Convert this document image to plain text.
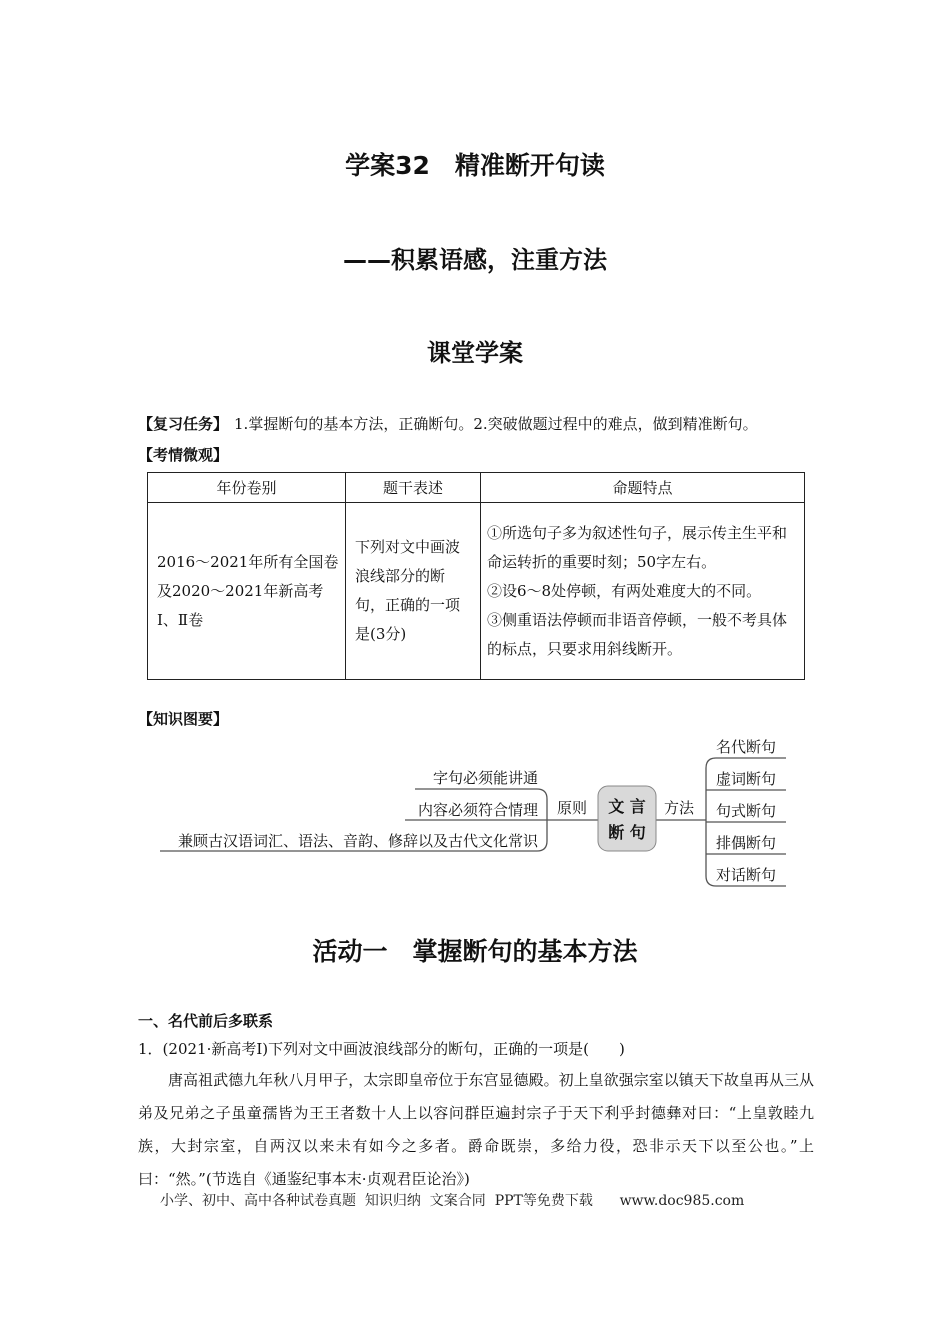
学案32　精准断开句读
——积累语感，注重方法
课堂学案
【复习任务】 1.掌握断句的基本方法，正确断句。2.突破做题过程中的难点，做到精准断句。
【考情微观】
年份卷别	题干表述	命题特点
2016～2021年所有全国卷及2020～2021年新高考Ⅰ、Ⅱ卷	下列对文中画波浪线部分的断句，正确的一项是(3分)	①所选句子多为叙述性句子，展示传主生平和命运转折的重要时刻；50字左右。
②设6～8处停顿，有两处难度大的不同。
③侧重语法停顿而非语音停顿，一般不考具体的标点，只要求用斜线断开。
【知识图要】
文 言
断 句
原则	方法
字句必须能讲通
内容必须符合情理
兼顾古汉语词汇、语法、音韵、修辞以及古代文化常识
名代断句
虚词断句
句式断句
排偶断句
对话断句
活动一　掌握断句的基本方法
一、名代前后多联系
1．(2021·新高考Ⅰ)下列对文中画波浪线部分的断句，正确的一项是(　　)

唐高祖武德九年秋八月甲子，太宗即皇帝位于东宫显德殿。初上皇欲强宗室以镇天下故皇再从三从弟及兄弟之子虽童孺皆为王王者数十人上以容问群臣遍封宗子于天下利乎封德彝对曰：“上皇敦睦九族，大封宗室，自两汉以来未有如今之多者。爵命既崇，多给力役，恐非示天下以至公也。”上曰：“然。”(节选自《通鉴纪事本末·贞观君臣论治》)

小学、初中、高中各种试卷真题  知识归纳  文案合同  PPT等免费下载      www.doc985.com
